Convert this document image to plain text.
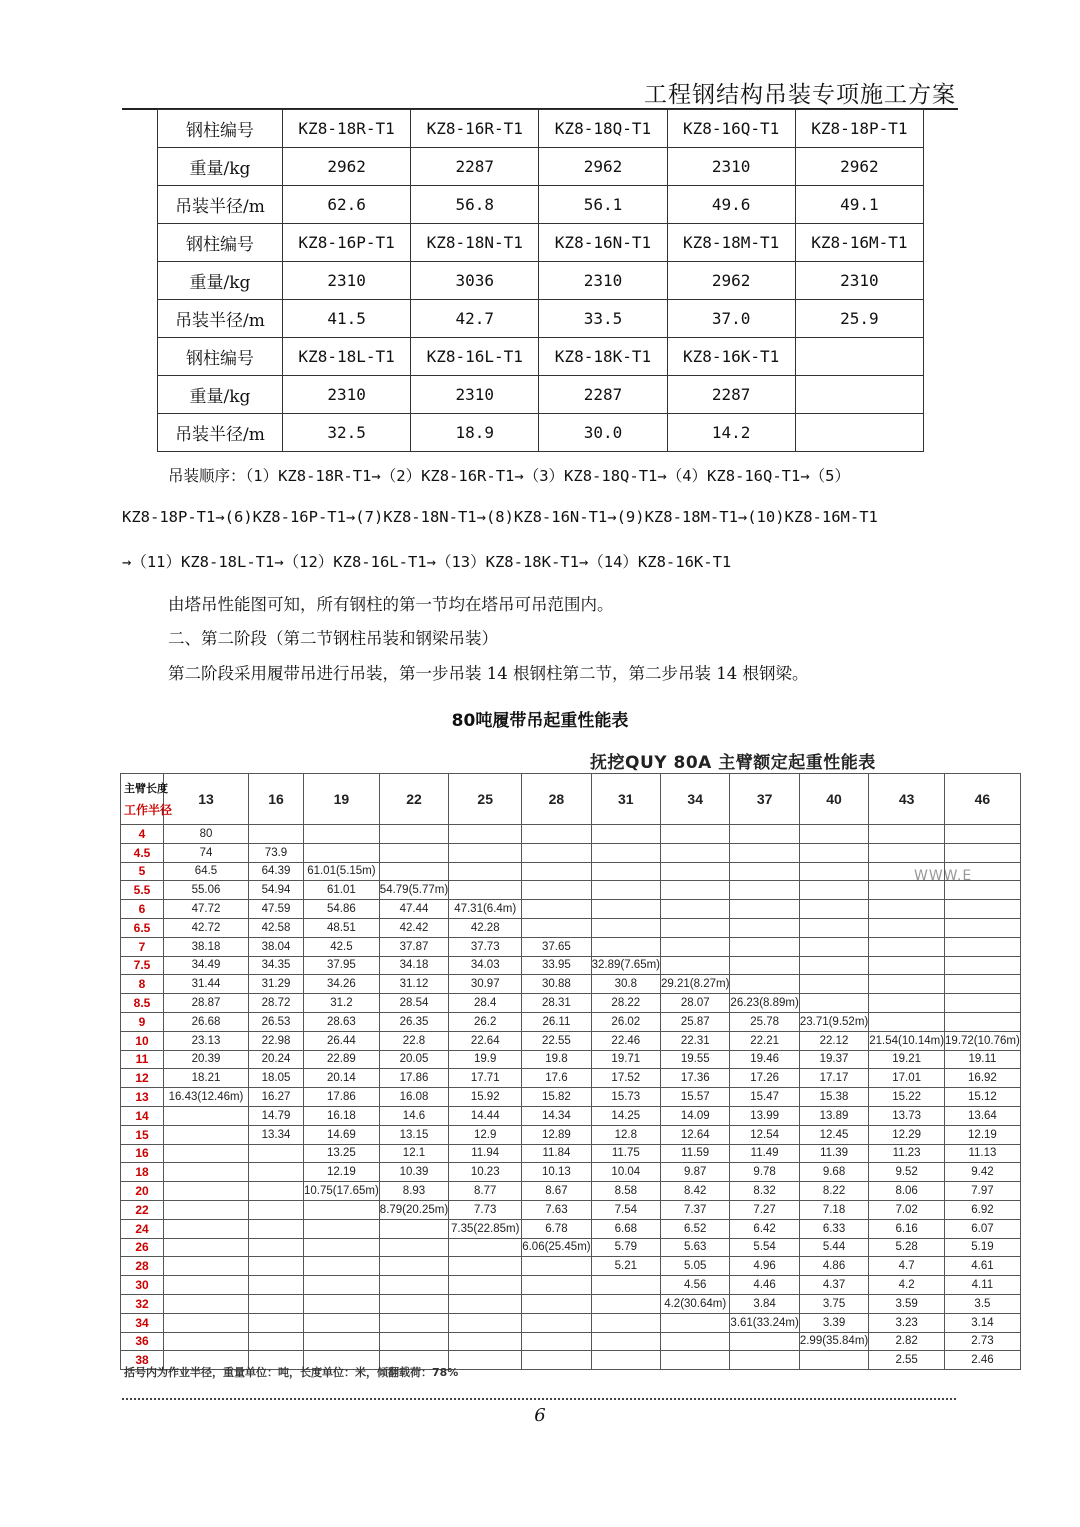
工程钢结构吊装专项施工方案
钢柱编号	KZ8-18R-T1	KZ8-16R-T1	KZ8-18Q-T1	KZ8-16Q-T1	KZ8-18P-T1
重量/kg	2962	2287	2962	2310	2962
吊装半径/m	62.6	56.8	56.1	49.6	49.1
钢柱编号	KZ8-16P-T1	KZ8-18N-T1	KZ8-16N-T1	KZ8-18M-T1	KZ8-16M-T1
重量/kg	2310	3036	2310	2962	2310
吊装半径/m	41.5	42.7	33.5	37.0	25.9
钢柱编号	KZ8-18L-T1	KZ8-16L-T1	KZ8-18K-T1	KZ8-16K-T1	
重量/kg	2310	2310	2287	2287	
吊装半径/m	32.5	18.9	30.0	14.2	
吊装顺序：（1）KZ8-18R-T1→（2）KZ8-16R-T1→（3）KZ8-18Q-T1→（4）KZ8-16Q-T1→（5）
KZ8-18P-T1→(6)KZ8-16P-T1→(7)KZ8-18N-T1→(8)KZ8-16N-T1→(9)KZ8-18M-T1→(10)KZ8-16M-T1
→（11）KZ8-18L-T1→（12）KZ8-16L-T1→（13）KZ8-18K-T1→（14）KZ8-16K-T1
由塔吊性能图可知，所有钢柱的第一节均在塔吊可吊范围内。
二、第二阶段（第二节钢柱吊装和钢梁吊装）
第二阶段采用履带吊进行吊装，第一步吊装 14 根钢柱第二节，第二步吊装 14 根钢梁。
80吨履带吊起重性能表
抚挖QUY 80A 主臂额定起重性能表
WWW.E
主臂长度
工作半径	13	16	19	22	25	28	31	34	37	40	43	46
4	80											
4.5	74	73.9										
5	64.5	64.39	61.01(5.15m)									
5.5	55.06	54.94	61.01	54.79(5.77m)								
6	47.72	47.59	54.86	47.44	47.31(6.4m)							
6.5	42.72	42.58	48.51	42.42	42.28							
7	38.18	38.04	42.5	37.87	37.73	37.65						
7.5	34.49	34.35	37.95	34.18	34.03	33.95	32.89(7.65m)					
8	31.44	31.29	34.26	31.12	30.97	30.88	30.8	29.21(8.27m)				
8.5	28.87	28.72	31.2	28.54	28.4	28.31	28.22	28.07	26.23(8.89m)			
9	26.68	26.53	28.63	26.35	26.2	26.11	26.02	25.87	25.78	23.71(9.52m)		
10	23.13	22.98	26.44	22.8	22.64	22.55	22.46	22.31	22.21	22.12	21.54(10.14m)	19.72(10.76m)
11	20.39	20.24	22.89	20.05	19.9	19.8	19.71	19.55	19.46	19.37	19.21	19.11
12	18.21	18.05	20.14	17.86	17.71	17.6	17.52	17.36	17.26	17.17	17.01	16.92
13	16.43(12.46m)	16.27	17.86	16.08	15.92	15.82	15.73	15.57	15.47	15.38	15.22	15.12
14		14.79	16.18	14.6	14.44	14.34	14.25	14.09	13.99	13.89	13.73	13.64
15		13.34	14.69	13.15	12.9	12.89	12.8	12.64	12.54	12.45	12.29	12.19
16			13.25	12.1	11.94	11.84	11.75	11.59	11.49	11.39	11.23	11.13
18			12.19	10.39	10.23	10.13	10.04	9.87	9.78	9.68	9.52	9.42
20			10.75(17.65m)	8.93	8.77	8.67	8.58	8.42	8.32	8.22	8.06	7.97
22				8.79(20.25m)	7.73	7.63	7.54	7.37	7.27	7.18	7.02	6.92
24					7.35(22.85m)	6.78	6.68	6.52	6.42	6.33	6.16	6.07
26						6.06(25.45m)	5.79	5.63	5.54	5.44	5.28	5.19
28							5.21	5.05	4.96	4.86	4.7	4.61
30								4.56	4.46	4.37	4.2	4.11
32								4.2(30.64m)	3.84	3.75	3.59	3.5
34									3.61(33.24m)	3.39	3.23	3.14
36										2.99(35.84m)	2.82	2.73
38											2.55	2.46
括号内为作业半径，重量单位：吨，长度单位：米，倾翻载荷：78%
6
